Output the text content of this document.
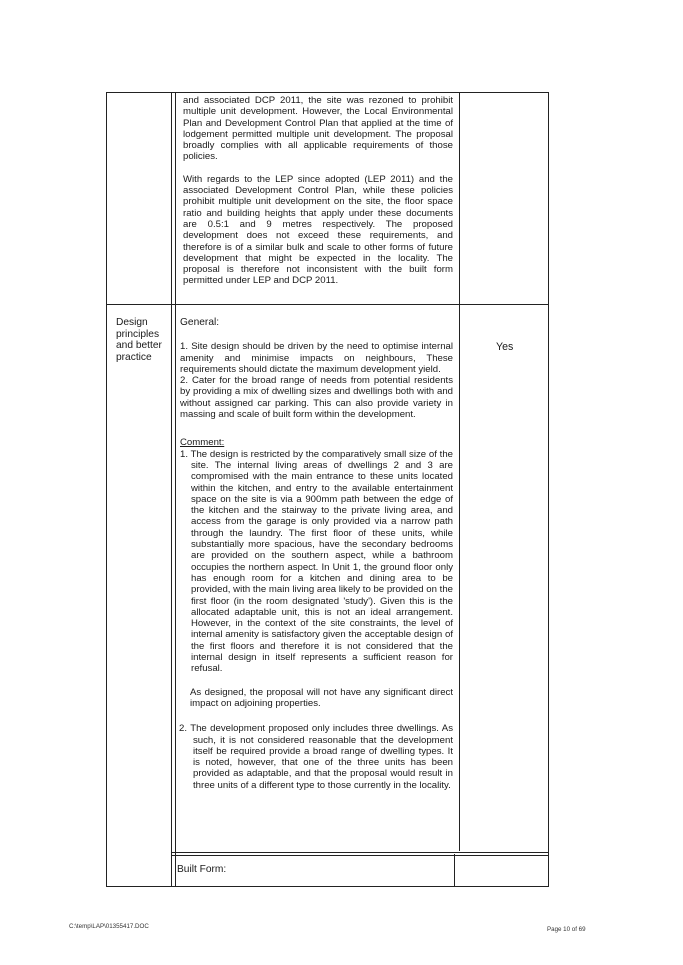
and associated DCP 2011, the site was rezoned to prohibit multiple unit development. However, the Local Environmental Plan and Development Control Plan that applied at the time of lodgement permitted multiple unit development. The proposal broadly complies with all applicable requirements of those policies.

With regards to the LEP since adopted (LEP 2011) and the associated Development Control Plan, while these policies prohibit multiple unit development on the site, the floor space ratio and building heights that apply under these documents are 0.5:1 and 9 metres respectively. The proposed development does not exceed these requirements, and therefore is of a similar bulk and scale to other forms of future development that might be expected in the locality. The proposal is therefore not inconsistent with the built form permitted under LEP and DCP 2011.

Design principles and better practice
Yes

General:

1. Site design should be driven by the need to optimise internal amenity and minimise impacts on neighbours, These requirements should dictate the maximum development yield.

2. Cater for the broad range of needs from potential residents by providing a mix of dwelling sizes and dwellings both with and without assigned car parking. This can also provide variety in massing and scale of built form within the development.

Comment:

1. The design is restricted by the comparatively small size of the site. The internal living areas of dwellings 2 and 3 are compromised with the main entrance to these units located within the kitchen, and entry to the available entertainment space on the site is via a 900mm path between the edge of the kitchen and the stairway to the private living area, and access from the garage is only provided via a narrow path through the laundry. The first floor of these units, while substantially more spacious, have the secondary bedrooms are provided on the southern aspect, while a bathroom occupies the northern aspect. In Unit 1, the ground floor only has enough room for a kitchen and dining area to be provided, with the main living area likely to be provided on the first floor (in the room designated 'study'). Given this is the allocated adaptable unit, this is not an ideal arrangement. However, in the context of the site constraints, the level of internal amenity is satisfactory given the acceptable design of the first floors and therefore it is not considered that the internal design in itself represents a sufficient reason for refusal.

As designed, the proposal will not have any significant direct impact on adjoining properties.

2. The development proposed only includes three dwellings. As such, it is not considered reasonable that the development itself be required provide a broad range of dwelling types. It is noted, however, that one of the three units has been provided as adaptable, and that the proposal would result in three units of a different type to those currently in the locality.

Built Form:
C:\temp\LAP\01355417.DOC	Page 10 of 69
